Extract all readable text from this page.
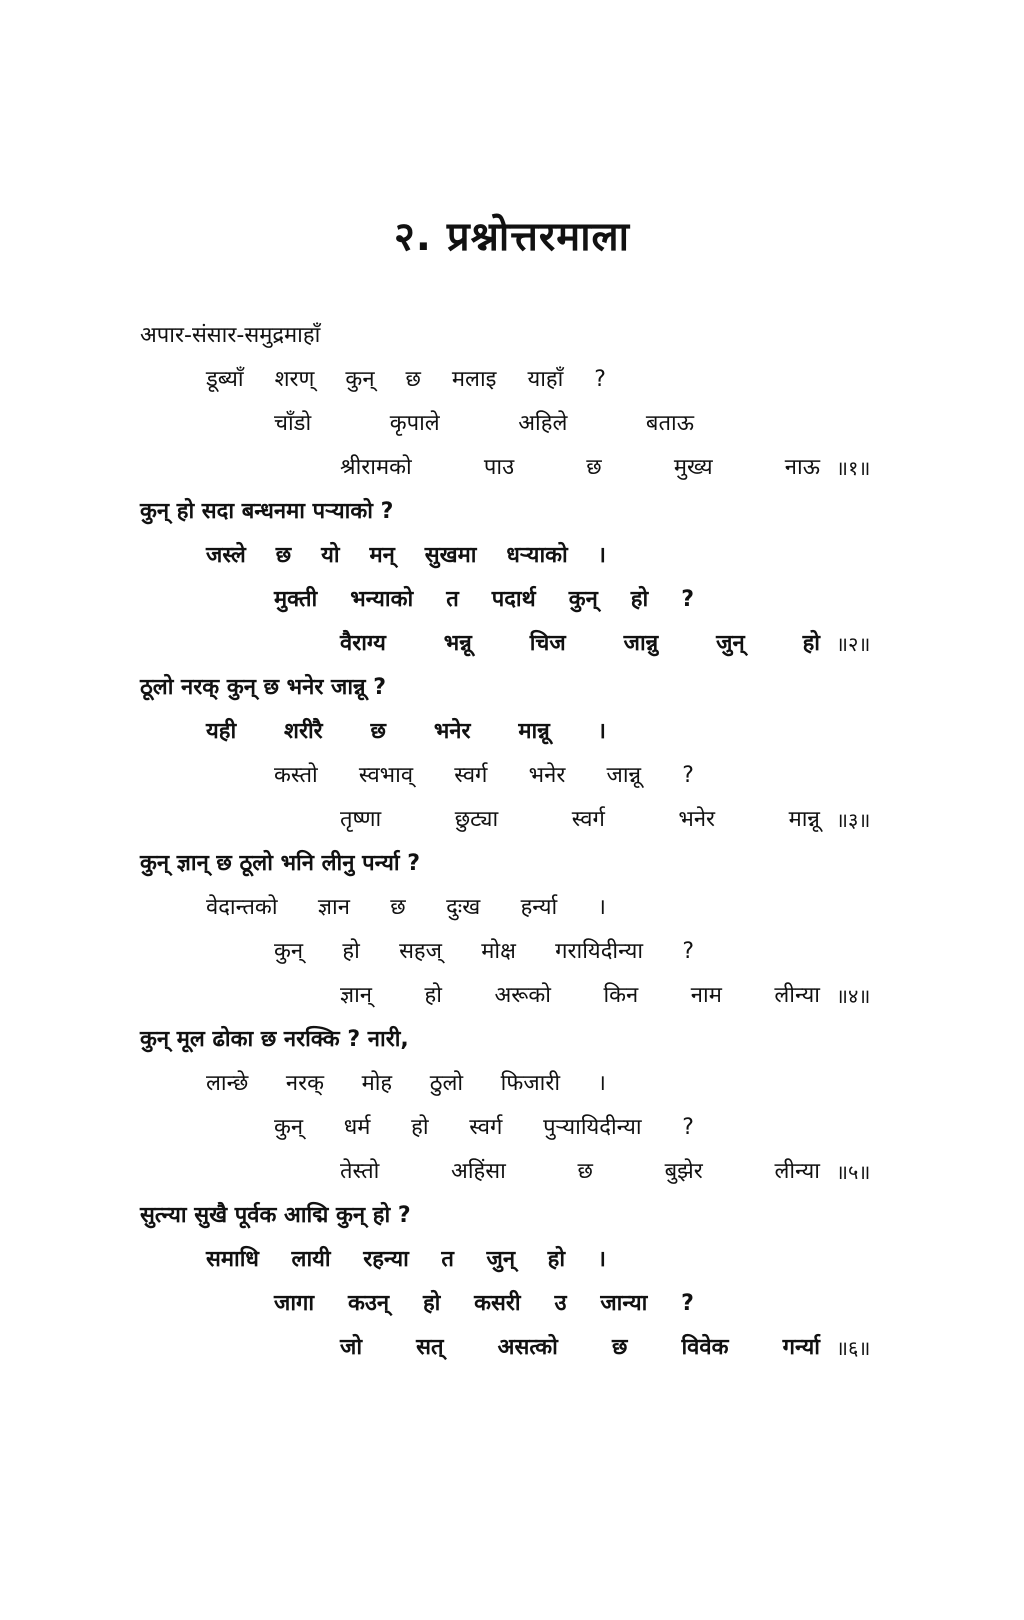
२. प्रश्नोत्तरमाला
अपार-संसार-समुद्रमाहाँ
डूब्याँ शरण् कुन् छ मलाइ याहाँ ?
चाँडो	कृपाले	अहिले	बताऊ
श्रीरामको	पाउ	छ	मुख्य	नाऊ ॥१॥
कुन् हो सदा बन्धनमा पऱ्याको ?
जस्ले छ यो मन् सुखमा धऱ्याको ।
मुक्ती भन्याको त पदार्थ कुन् हो ?
वैराग्य	भन्नू	चिज	जान्नु	जुन्	हो ॥२॥
ठूलो नरक् कुन् छ भनेर जान्नू ?
यही शरीरै छ भनेर मान्नू ।
कस्तो स्वभाव् स्वर्ग भनेर जान्नू ?
तृष्णा	छुट्या	स्वर्ग	भनेर	मान्नू ॥३॥
कुन् ज्ञान् छ ठूलो भनि लीनु पर्न्या ?
वेदान्तको ज्ञान छ दुःख हर्न्या ।
कुन् हो सहज् मोक्ष गरायिदीन्या ?
ज्ञान् हो अरूको किन नाम लीन्या ॥४॥
कुन् मूल ढोका छ नरक्कि ? नारी,
लान्छे नरक् मोह ठुलो फिजारी ।
कुन् धर्म हो स्वर्ग पुऱ्यायिदीन्या ?
तेस्तो	अहिंसा	छ	बुझेर	लीन्या ॥५॥
सुत्न्या सुखै पूर्वक आद्मि कुन् हो ?
समाधि लायी रहन्या त जुन् हो ।
जागा कउन् हो कसरी उ जान्या ?
जो सत् असत्को छ विवेक गर्न्या ॥६॥
